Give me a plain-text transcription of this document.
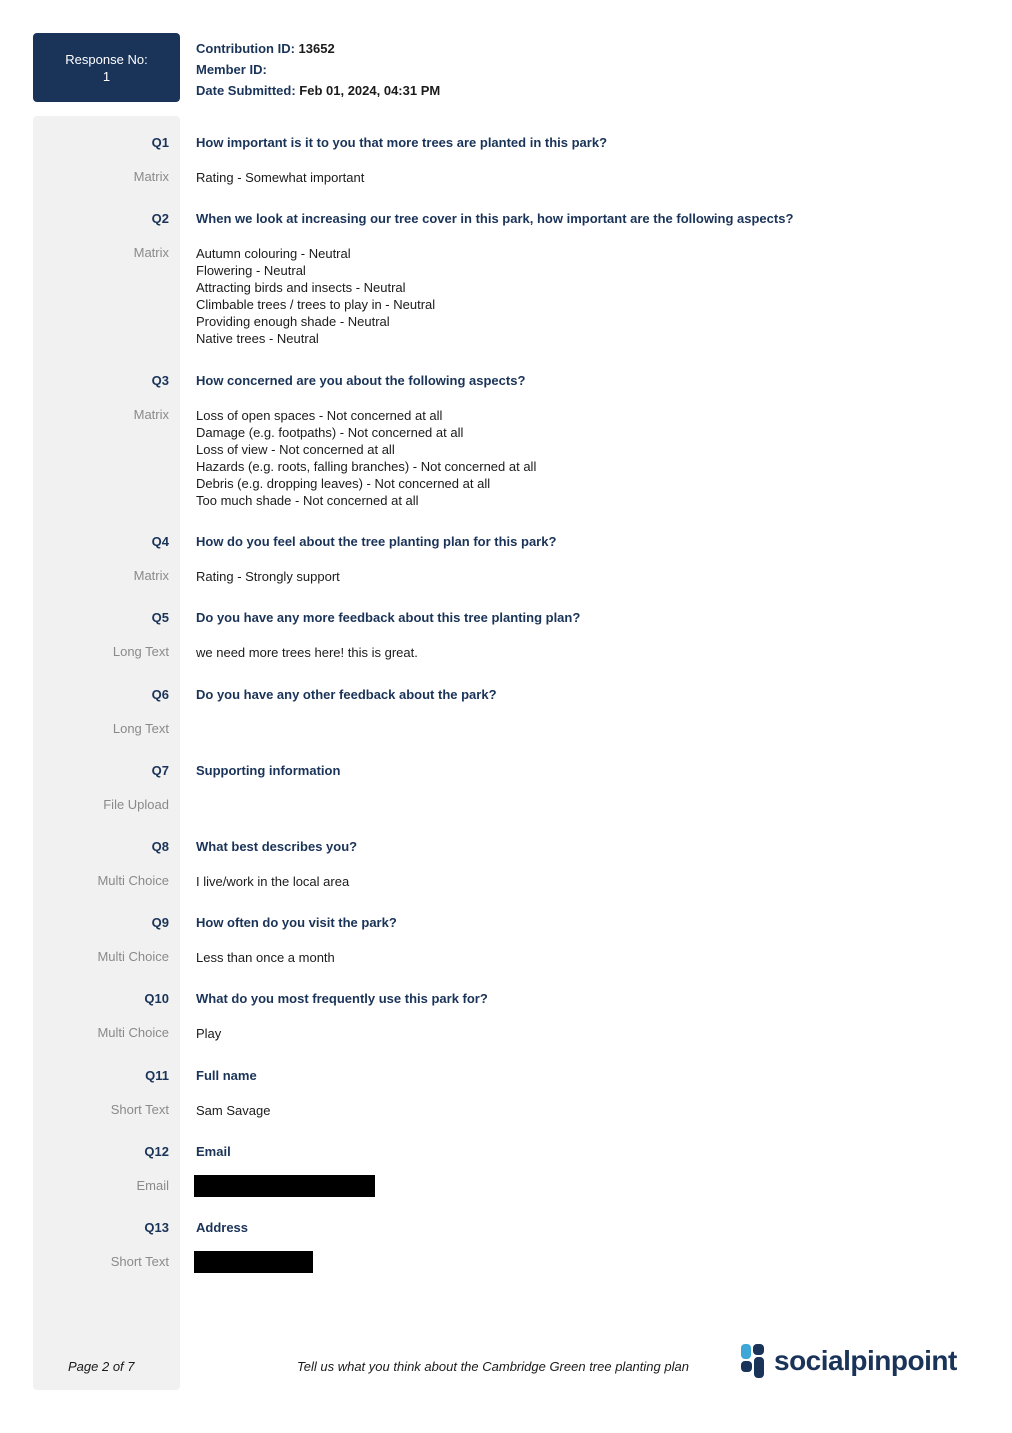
Response No:
1
Contribution ID: 13652
Member ID:
Date Submitted: Feb 01, 2024, 04:31 PM
Q1 How important is it to you that more trees are planted in this park?
Matrix Rating - Somewhat important
Q2 When we look at increasing our tree cover in this park, how important are the following aspects?
Matrix Autumn colouring - Neutral
Flowering - Neutral
Attracting birds and insects - Neutral
Climbable trees / trees to play in - Neutral
Providing enough shade - Neutral
Native trees - Neutral
Q3 How concerned are you about the following aspects?
Matrix Loss of open spaces - Not concerned at all
Damage (e.g. footpaths) - Not concerned at all
Loss of view - Not concerned at all
Hazards (e.g. roots, falling branches) - Not concerned at all
Debris (e.g. dropping leaves) - Not concerned at all
Too much shade - Not concerned at all
Q4 How do you feel about the tree planting plan for this park?
Matrix Rating - Strongly support
Q5 Do you have any more feedback about this tree planting plan?
Long Text we need more trees here! this is great.
Q6 Do you have any other feedback about the park?
Long Text
Q7 Supporting information
File Upload
Q8 What best describes you?
Multi Choice I live/work in the local area
Q9 How often do you visit the park?
Multi Choice Less than once a month
Q10 What do you most frequently use this park for?
Multi Choice Play
Q11 Full name
Short Text Sam Savage
Q12 Email
Email
Q13 Address
Short Text
Page 2 of 7	Tell us what you think about the Cambridge Green tree planting plan	socialpinpoint
